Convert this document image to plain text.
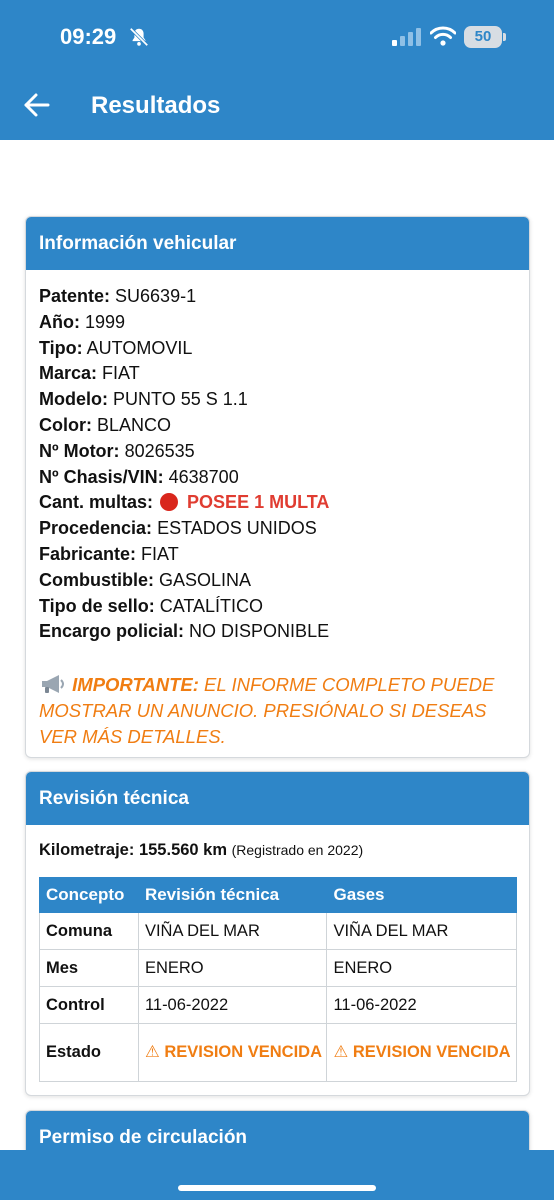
09:29	50
Resultados
Información vehicular
Patente: SU6639-1
Año: 1999
Tipo: AUTOMOVIL
Marca: FIAT
Modelo: PUNTO 55 S 1.1
Color: BLANCO
Nº Motor: 8026535
Nº Chasis/VIN: 4638700
Cant. multas: POSEE 1 MULTA
Procedencia: ESTADOS UNIDOS
Fabricante: FIAT
Combustible: GASOLINA
Tipo de sello: CATALÍTICO
Encargo policial: NO DISPONIBLE
IMPORTANTE: EL INFORME COMPLETO PUEDE MOSTRAR UN ANUNCIO. PRESIÓNALO SI DESEAS VER MÁS DETALLES.
Revisión técnica
Kilometraje: 155.560 km (Registrado en 2022)
Concepto	Revisión técnica	Gases
Comuna	VIÑA DEL MAR	VIÑA DEL MAR
Mes	ENERO	ENERO
Control	11-06-2022	11-06-2022
Estado	⚠ REVISION VENCIDA	⚠ REVISION VENCIDA
Permiso de circulación
